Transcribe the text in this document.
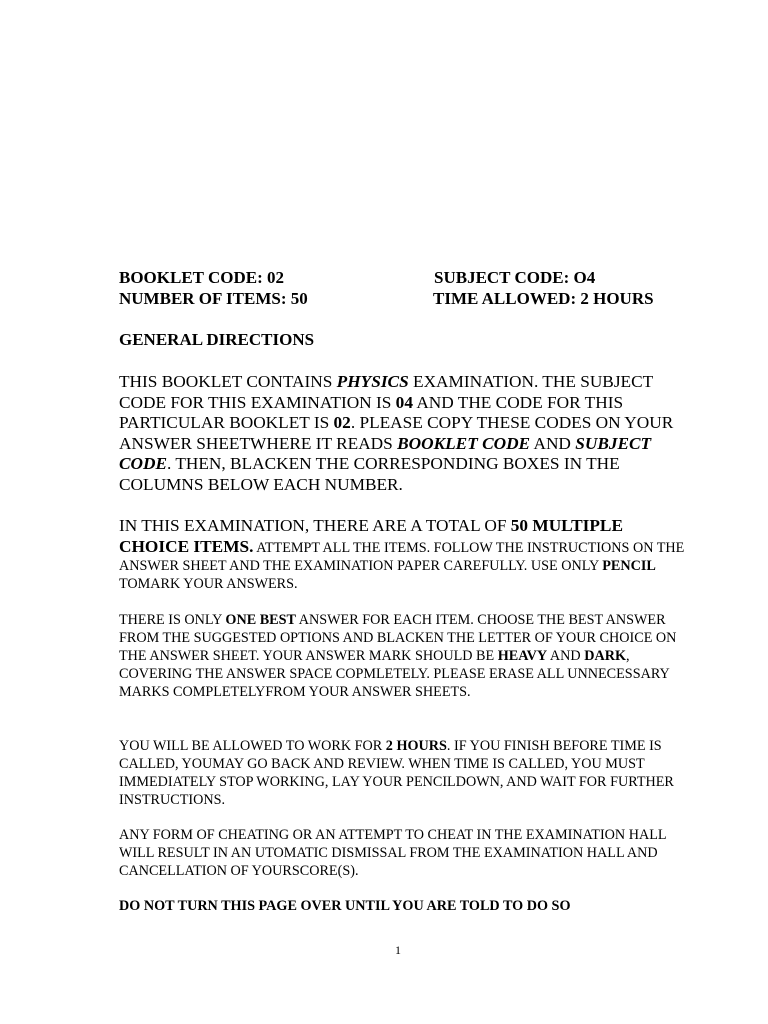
BOOKLET CODE: 02	SUBJECT CODE: O4
NUMBER OF ITEMS: 50	TIME ALLOWED: 2 HOURS
GENERAL DIRECTIONS
THIS BOOKLET CONTAINS PHYSICS EXAMINATION. THE SUBJECT CODE FOR THIS EXAMINATION IS 04 AND THE CODE FOR THIS PARTICULAR BOOKLET IS 02. PLEASE COPY THESE CODES ON YOUR ANSWER SHEETWHERE IT READS BOOKLET CODE AND SUBJECT CODE. THEN, BLACKEN THE CORRESPONDING BOXES IN THE COLUMNS BELOW EACH NUMBER.
IN THIS EXAMINATION, THERE ARE A TOTAL OF 50 MULTIPLE CHOICE ITEMS. ATTEMPT ALL THE ITEMS. FOLLOW THE INSTRUCTIONS ON THE ANSWER SHEET AND THE EXAMINATION PAPER CAREFULLY. USE ONLY PENCIL TOMARK YOUR ANSWERS.
THERE IS ONLY ONE BEST ANSWER FOR EACH ITEM. CHOOSE THE BEST ANSWER FROM THE SUGGESTED OPTIONS AND BLACKEN THE LETTER OF YOUR CHOICE ON THE ANSWER SHEET. YOUR ANSWER MARK SHOULD BE HEAVY AND DARK, COVERING THE ANSWER SPACE COPMLETELY. PLEASE ERASE ALL UNNECESSARY MARKS COMPLETELYFROM YOUR ANSWER SHEETS.
YOU WILL BE ALLOWED TO WORK FOR 2 HOURS. IF YOU FINISH BEFORE TIME IS CALLED, YOUMAY GO BACK AND REVIEW. WHEN TIME IS CALLED, YOU MUST IMMEDIATELY STOP WORKING, LAY YOUR PENCILDOWN, AND WAIT FOR FURTHER INSTRUCTIONS.
ANY FORM OF CHEATING OR AN ATTEMPT TO CHEAT IN THE EXAMINATION HALL WILL RESULT IN AN UTOMATIC DISMISSAL FROM THE EXAMINATION HALL AND CANCELLATION OF YOURSCORE(S).
DO NOT TURN THIS PAGE OVER UNTIL YOU ARE TOLD TO DO SO
1
